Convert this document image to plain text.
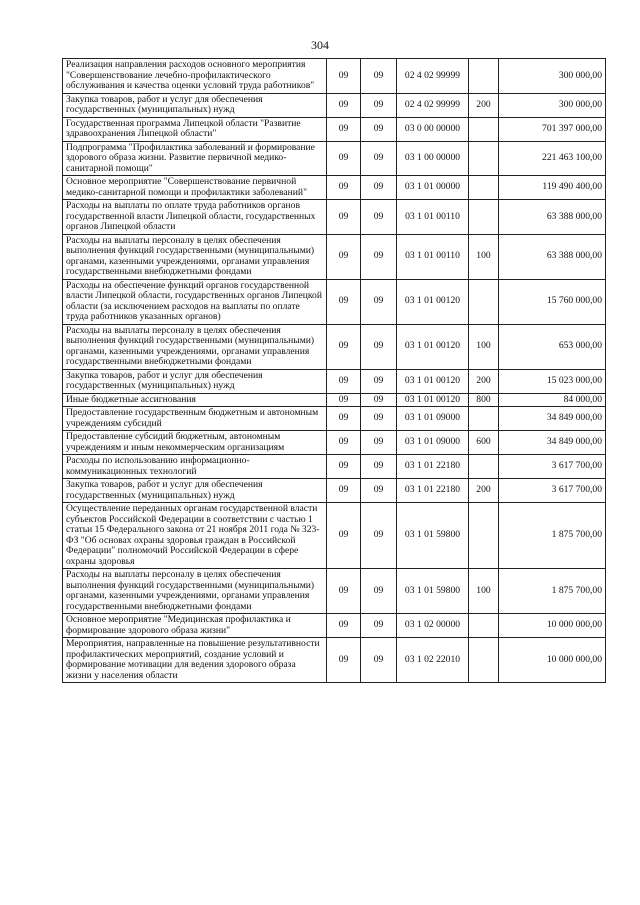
304
Реализация направления расходов основного мероприятия "Совершенствование лечебно-профилактического обслуживания и качества оценки условий труда работников"	09	09	02 4 02 99999		300 000,00
Закупка товаров, работ и услуг для обеспечения государственных (муниципальных) нужд	09	09	02 4 02 99999	200	300 000,00
Государственная программа Липецкой области "Развитие здравоохранения Липецкой области"	09	09	03 0 00 00000		701 397 000,00
Подпрограмма "Профилактика заболеваний и формирование здорового образа жизни. Развитие первичной медико-санитарной помощи"	09	09	03 1 00 00000		221 463 100,00
Основное мероприятие "Совершенствование первичной медико-санитарной помощи и профилактики заболеваний"	09	09	03 1 01 00000		119 490 400,00
Расходы на выплаты по оплате труда работников органов государственной власти Липецкой области, государственных органов Липецкой области	09	09	03 1 01 00110		63 388 000,00
Расходы на выплаты персоналу в целях обеспечения выполнения функций государственными (муниципальными) органами, казенными учреждениями, органами управления государственными внебюджетными фондами	09	09	03 1 01 00110	100	63 388 000,00
Расходы на обеспечение функций органов государственной власти Липецкой области, государственных органов Липецкой области (за исключением расходов на выплаты по оплате труда работников указанных органов)	09	09	03 1 01 00120		15 760 000,00
Расходы на выплаты персоналу в целях обеспечения выполнения функций государственными (муниципальными) органами, казенными учреждениями, органами управления государственными внебюджетными фондами	09	09	03 1 01 00120	100	653 000,00
Закупка товаров, работ и услуг для обеспечения государственных (муниципальных) нужд	09	09	03 1 01 00120	200	15 023 000,00
Иные бюджетные ассигнования	09	09	03 1 01 00120	800	84 000,00
Предоставление государственным бюджетным и автономным учреждениям субсидий	09	09	03 1 01 09000		34 849 000,00
Предоставление субсидий бюджетным, автономным учреждениям и иным некоммерческим организациям	09	09	03 1 01 09000	600	34 849 000,00
Расходы по использованию информационно-коммуникационных технологий	09	09	03 1 01 22180		3 617 700,00
Закупка товаров, работ и услуг для обеспечения государственных (муниципальных) нужд	09	09	03 1 01 22180	200	3 617 700,00
Осуществление переданных органам государственной власти субъектов Российской Федерации в соответствии с частью 1 статьи 15 Федерального закона от 21 ноября 2011 года № 323-ФЗ "Об основах охраны здоровья граждан в Российской Федерации" полномочий Российской Федерации в сфере охраны здоровья	09	09	03 1 01 59800		1 875 700,00
Расходы на выплаты персоналу в целях обеспечения выполнения функций государственными (муниципальными) органами, казенными учреждениями, органами управления государственными внебюджетными фондами	09	09	03 1 01 59800	100	1 875 700,00
Основное мероприятие "Медицинская профилактика и формирование здорового образа жизни"	09	09	03 1 02 00000		10 000 000,00
Мероприятия, направленные на повышение результативности профилактических мероприятий, создание условий и формирование мотивации для ведения здорового образа жизни у населения области	09	09	03 1 02 22010		10 000 000,00
